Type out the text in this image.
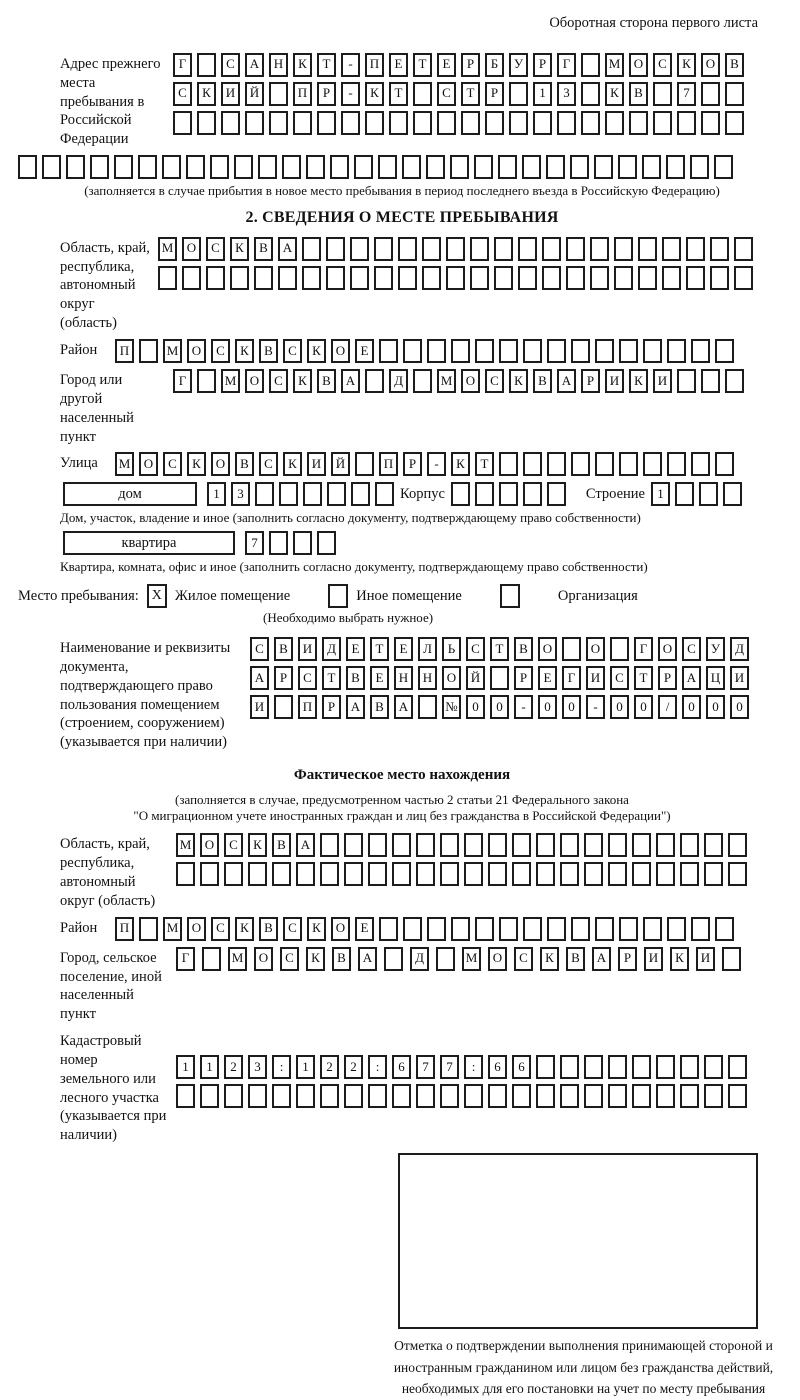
Оборотная сторона первого листа
Адрес прежнего места пребывания в Российской Федерации
Г	С	А	Н	К	Т	-	П	Е	Т	Е	Р	Б	У	Р	Г	М	О	С	К	О	В
С	К	И	Й	П	Р	-	К	Т	С	Т	Р	1	3	К	В	7
(заполняется в случае прибытия в новое место пребывания в период последнего въезда в Российскую Федерацию)
2. СВЕДЕНИЯ О МЕСТЕ ПРЕБЫВАНИЯ
Область, край, республика, автономный округ (область)
М	О	С	К	В	А
Район	П	М	О	С	К	В	С	К	О	Е
Город или другой населенный пункт
Г	М	О	С	К	В	А	Д	М	О	С	К	В	А	Р	И	К	И
Улица	М	О	С	К	О	В	С	К	И	Й	П	Р	-	К	Т
дом	1	3	Корпус	Строение 1
Дом, участок, владение и иное (заполнить согласно документу, подтверждающему право собственности)
квартира	7
Квартира, комната, офис и иное (заполнить согласно документу, подтверждающему право собственности)
Место пребывания: X Жилое помещение	Иное помещение	Организация
(Необходимо выбрать нужное)
Наименование и реквизиты документа, подтверждающего право пользования помещением (строением, сооружением) (указывается при наличии)
С	В	И	Д	Е	Т	Е	Л	Ь	С	Т	В	О	О	Г	О	С	У	Д
А	Р	С	Т	В	Е	Н	Н	О	Й	Р	Е	Г	И	С	Т	Р	А	Ц	И
И	П	Р	А	В	А	№	0	0	-	0	0	-	0	0	/	0	0	0
Фактическое место нахождения
(заполняется в случае, предусмотренном частью 2 статьи 21 Федерального закона
"О миграционном учете иностранных граждан и лиц без гражданства в Российской Федерации")
Область, край, республика, автономный округ (область)
М	О	С	К	В	А
Район	П	М	О	С	К	В	С	К	О	Е
Город, сельское поселение, иной населенный пункт
Г	М	О	С	К	В	А	Д	М	О	С	К	В	А	Р	И	К	И
Кадастровый номер земельного или лесного участка (указывается при наличии)
1	1	2	3	:	1	2	2	:	6	7	7	:	6	6
Отметка о подтверждении выполнения принимающей стороной и иностранным гражданином или лицом без гражданства действий, необходимых для его постановки на учет по месту пребывания
